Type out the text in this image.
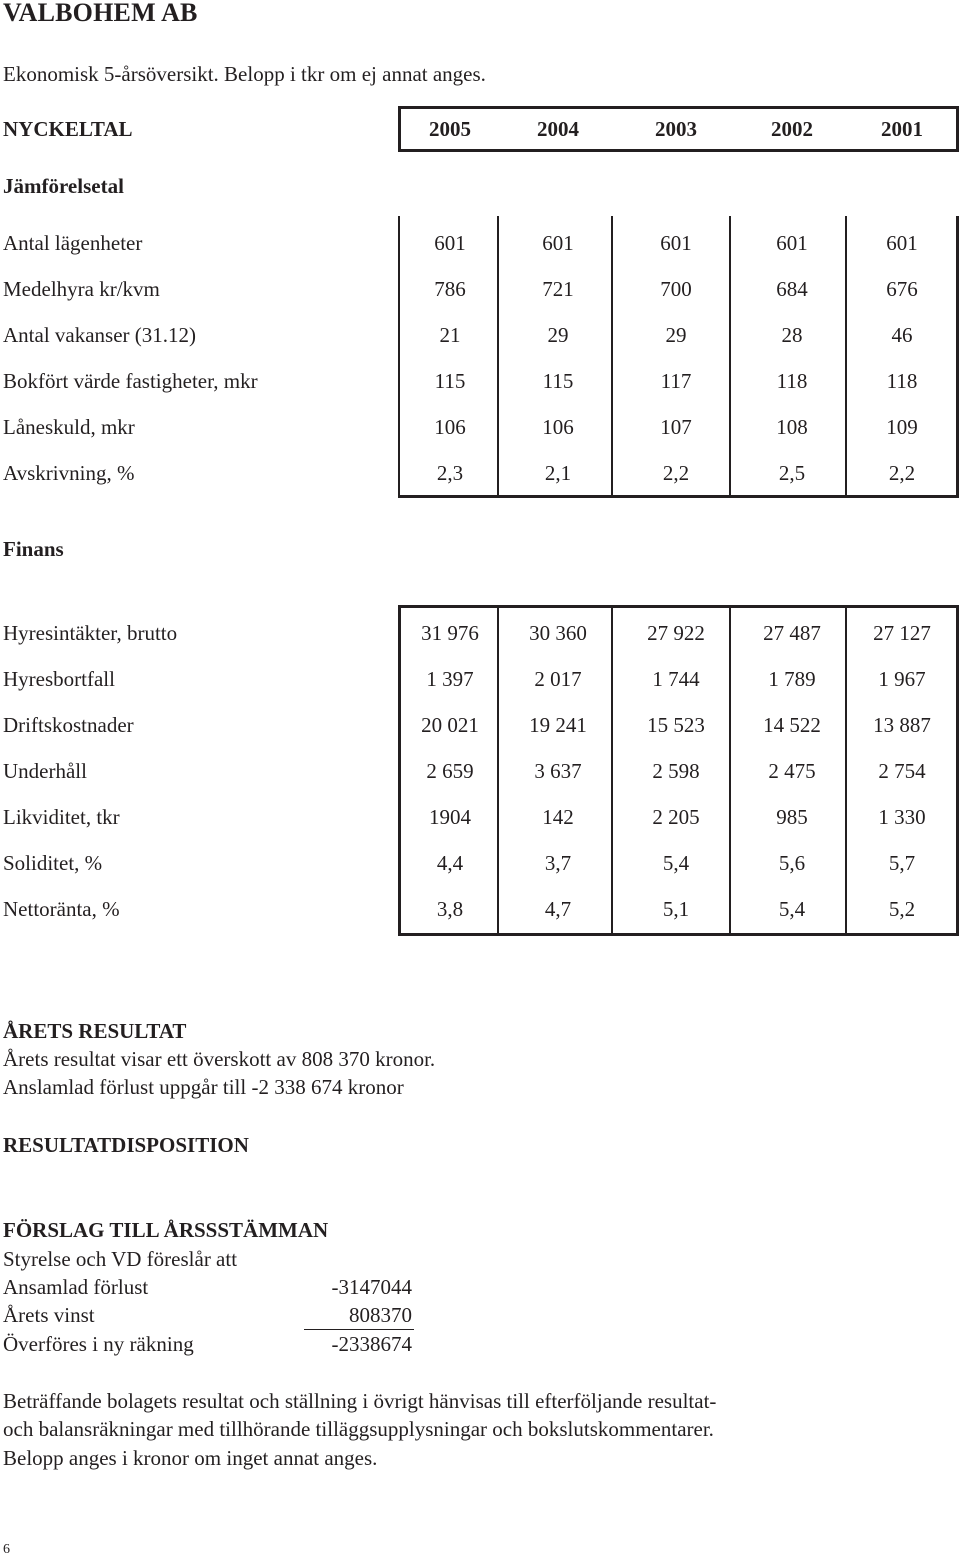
VALBOHEM AB
Ekonomisk 5-årsöversikt. Belopp i tkr om ej annat anges.
NYCKELTAL	2005	2004	2003	2002	2001
Jämförelsetal
Finans
ÅRETS RESULTAT
Årets resultat visar ett överskott av 808 370 kronor.
Anslamlad förlust uppgår till -2 338 674 kronor
RESULTATDISPOSITION
FÖRSLAG TILL ÅRSSSTÄMMAN
Styrelse och VD föreslår att
Ansamlad förlust	-3147044
Årets vinst	808370
Överföres i ny räkning	-2338674
Beträffande bolagets resultat och ställning i övrigt hänvisas till efterföljande resultat-
och balansräkningar med tillhörande tilläggsupplysningar och bokslutskommentarer.
Belopp anges i kronor om inget annat anges.
6
Antal lägenheter	601	601	601	601	601
Medelhyra kr/kvm	786	721	700	684	676
Antal vakanser (31.12)	21	29	29	28	46
Bokfört värde fastigheter, mkr	115	115	117	118	118
Låneskuld, mkr	106	106	107	108	109
Avskrivning, %	2,3	2,1	2,2	2,5	2,2
Hyresintäkter, brutto	31 976	30 360	27 922	27 487	27 127
Hyresbortfall	1 397	2 017	1 744	1 789	1 967
Driftskostnader	20 021	19 241	15 523	14 522	13 887
Underhåll	2 659	3 637	2 598	2 475	2 754
Likviditet, tkr	1904	142	2 205	985	1 330
Soliditet, %	4,4	3,7	5,4	5,6	5,7
Nettoränta, %	3,8	4,7	5,1	5,4	5,2
